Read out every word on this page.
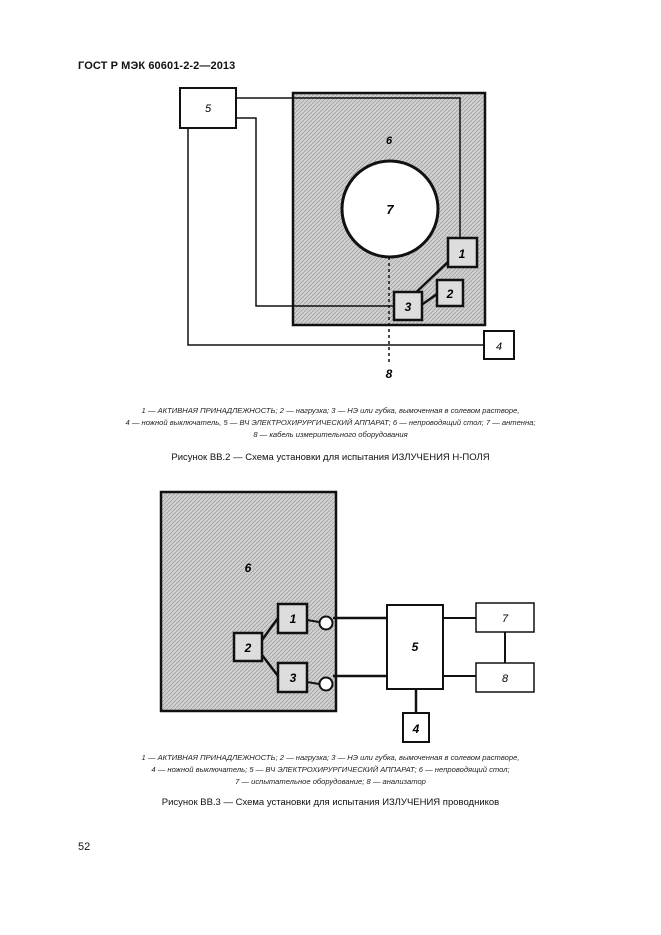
ГОСТ Р МЭК 60601-2-2—2013
5
6
7
1
2
3
4
8
6
1
2
3
5
7
8
4
1 — АКТИВНАЯ ПРИНАДЛЕЖНОСТЬ; 2 — нагрузка; 3 — НЭ или губка, вымоченная в солевом растворе,
4 — ножной выключатель, 5 — ВЧ ЭЛЕКТРОХИРУРГИЧЕСКИЙ АППАРАТ; 6 — непроводящий стол; 7 — антенна;
8 — кабель измерительного оборудования
Рисунок ВВ.2 — Схема установки для испытания ИЗЛУЧЕНИЯ H-ПОЛЯ
1 — АКТИВНАЯ ПРИНАДЛЕЖНОСТЬ; 2 — нагрузка; 3 — НЭ или губка, вымоченная в солевом растворе,
4 — ножной выключатель; 5 — ВЧ ЭЛЕКТРОХИРУРГИЧЕСКИЙ АППАРАТ; 6 — непроводящий стол;
7 — испытательное оборудование; 8 — анализатор
Рисунок ВВ.3 — Схема установки для испытания ИЗЛУЧЕНИЯ проводников
52
